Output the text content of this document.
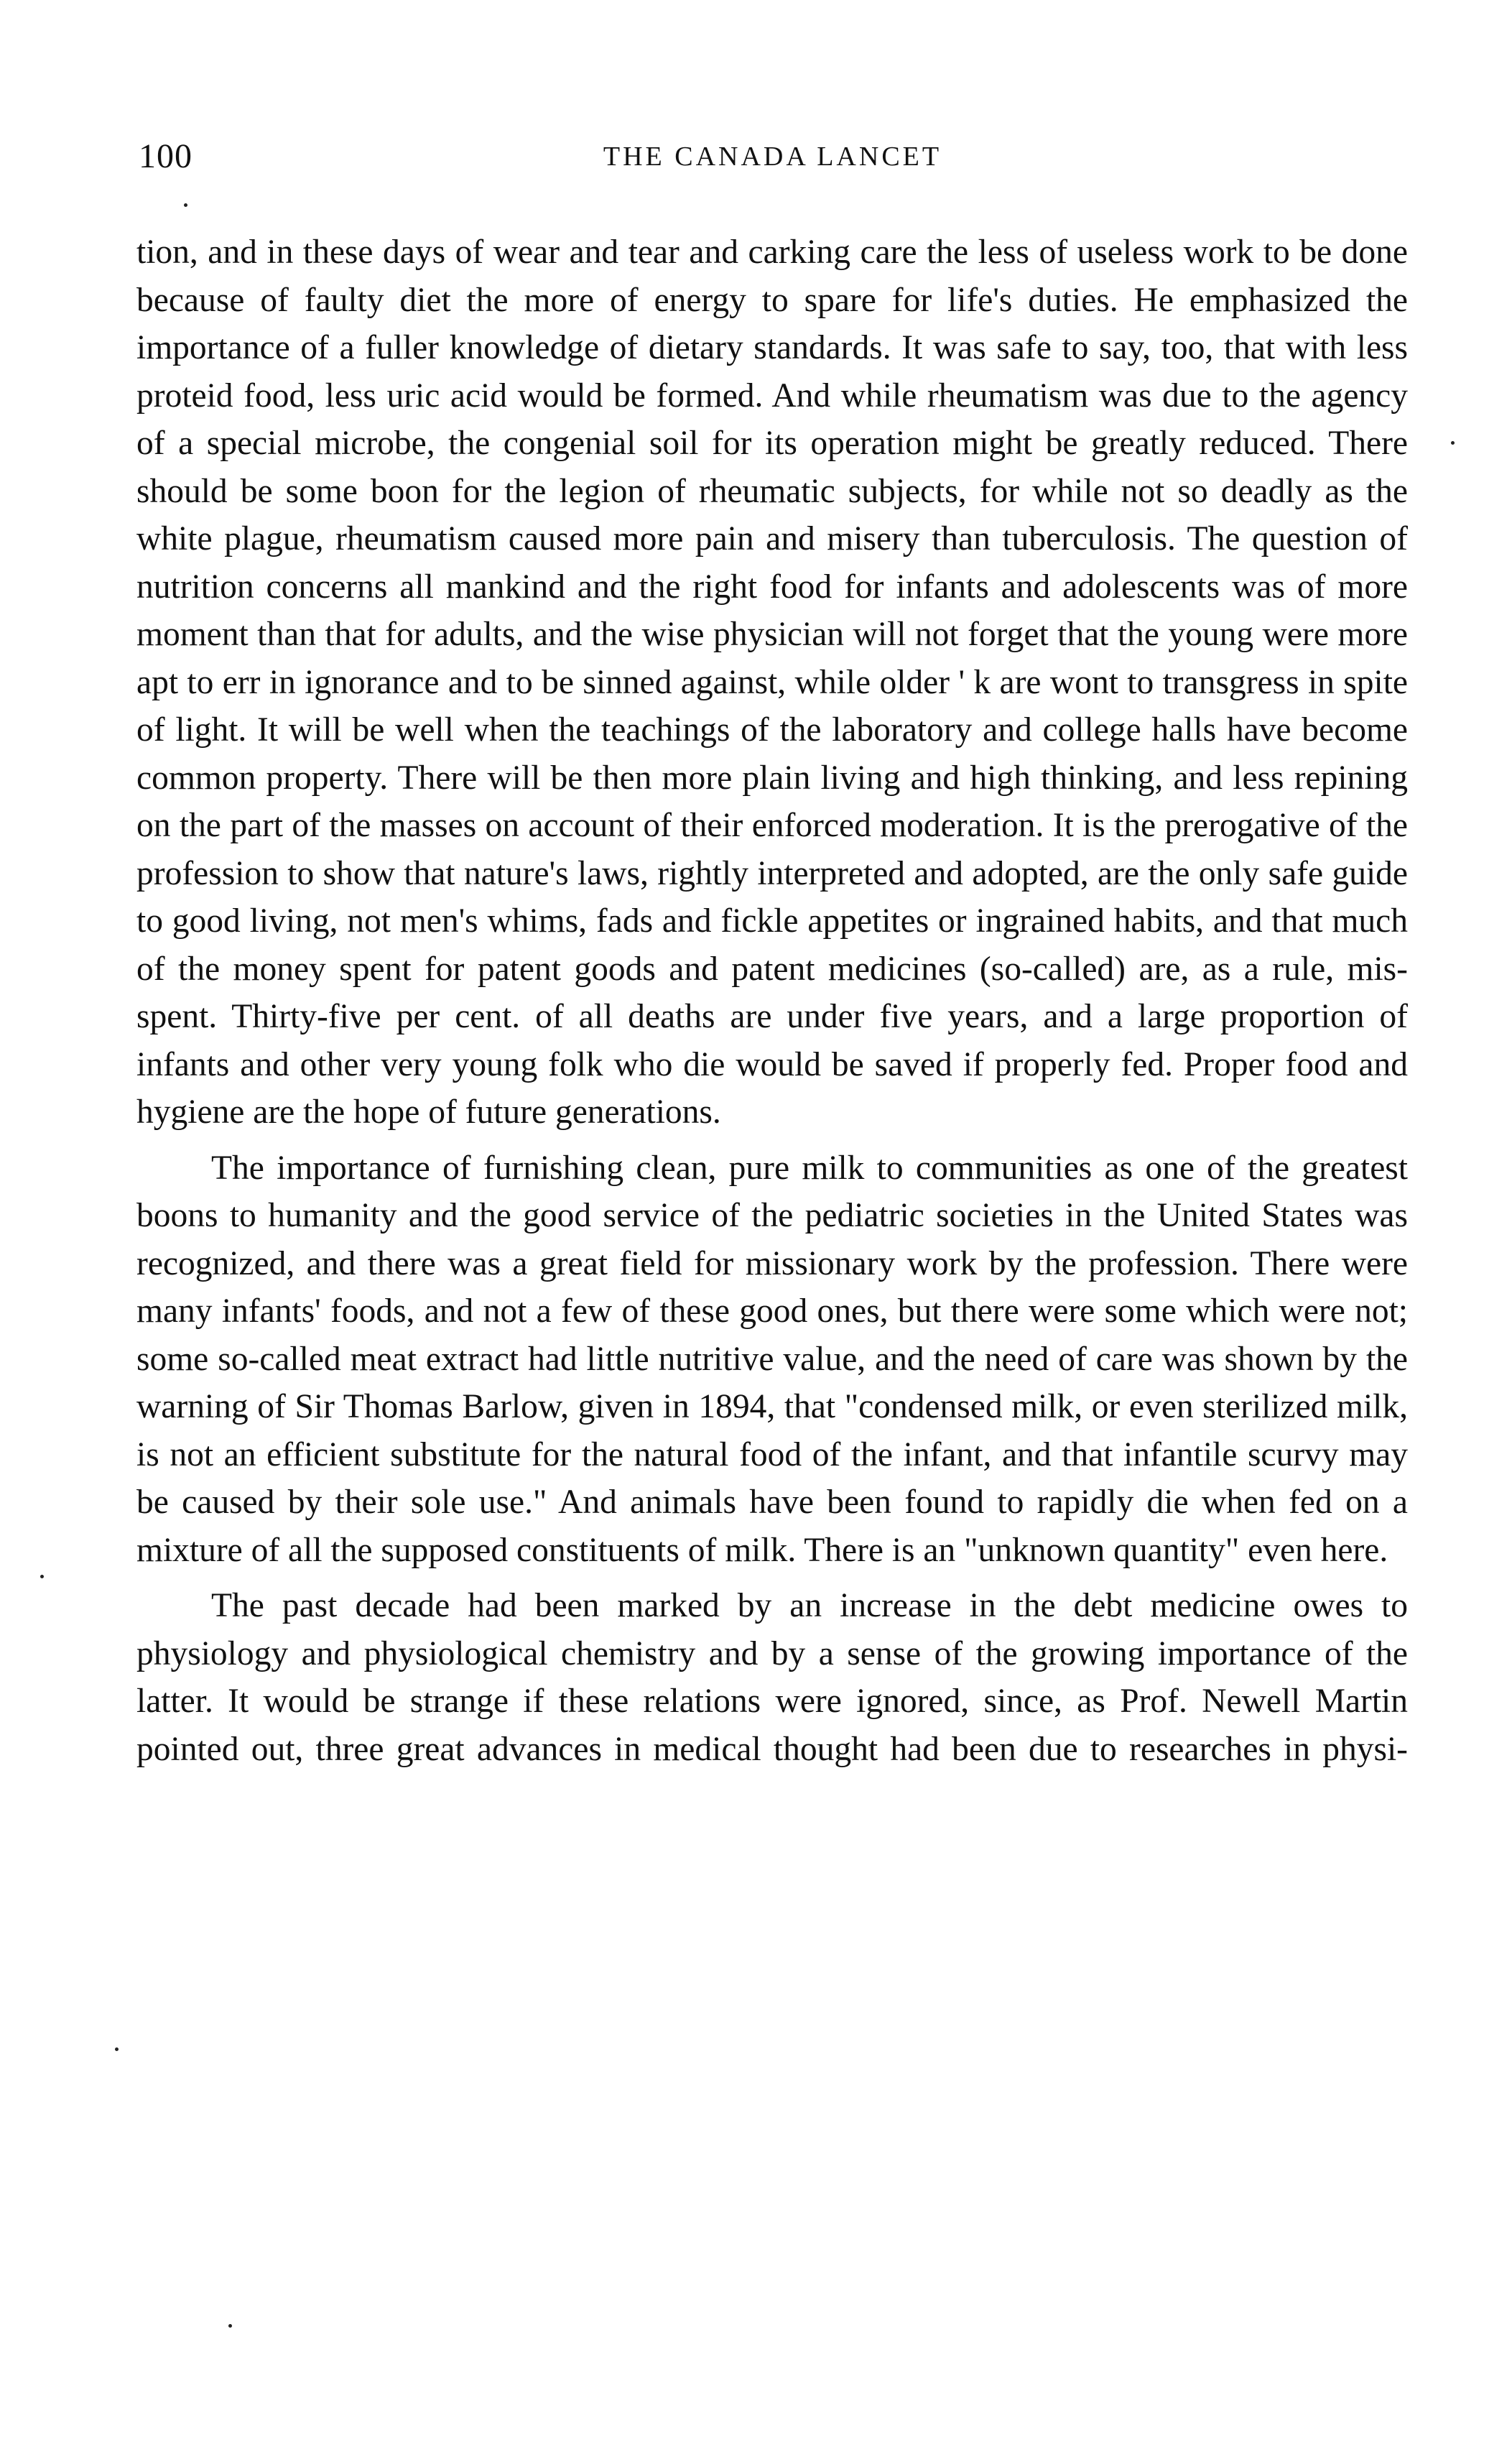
100	THE CANADA LANCET

tion, and in these days of wear and tear and carking care the less of useless work to be done because of faulty diet the more of energy to spare for life's duties. He emphasized the importance of a fuller knowledge of dietary standards. It was safe to say, too, that with less proteid food, less uric acid would be formed. And while rheumatism was due to the agency of a special microbe, the congenial soil for its operation might be greatly reduced. There should be some boon for the legion of rheumatic subjects, for while not so deadly as the white plague, rheumatism caused more pain and misery than tuberculosis. The question of nutrition concerns all mankind and the right food for infants and adolescents was of more moment than that for adults, and the wise physician will not forget that the young were more apt to err in ignorance and to be sinned against, while older ' k are wont to transgress in spite of light. It will be well when the teachings of the laboratory and college halls have become common property. There will be then more plain living and high thinking, and less repining on the part of the masses on account of their enforced moderation. It is the prerogative of the profession to show that nature's laws, rightly interpreted and adopted, are the only safe guide to good living, not men's whims, fads and fickle appetites or ingrained habits, and that much of the money spent for patent goods and patent medicines (so-called) are, as a rule, mis-spent. Thirty-five per cent. of all deaths are under five years, and a large proportion of infants and other very young folk who die would be saved if properly fed. Proper food and hygiene are the hope of future generations.

The importance of furnishing clean, pure milk to communities as one of the greatest boons to humanity and the good service of the pediatric societies in the United States was recognized, and there was a great field for missionary work by the profession. There were many infants' foods, and not a few of these good ones, but there were some which were not; some so-called meat extract had little nutritive value, and the need of care was shown by the warning of Sir Thomas Barlow, given in 1894, that "condensed milk, or even sterilized milk, is not an efficient substitute for the natural food of the infant, and that infantile scurvy may be caused by their sole use." And animals have been found to rapidly die when fed on a mixture of all the supposed constituents of milk. There is an "unknown quantity" even here.

The past decade had been marked by an increase in the debt medicine owes to physiology and physiological chemistry and by a sense of the growing importance of the latter. It would be strange if these relations were ignored, since, as Prof. Newell Martin pointed out, three great advances in medical thought had been due to researches in physi-
